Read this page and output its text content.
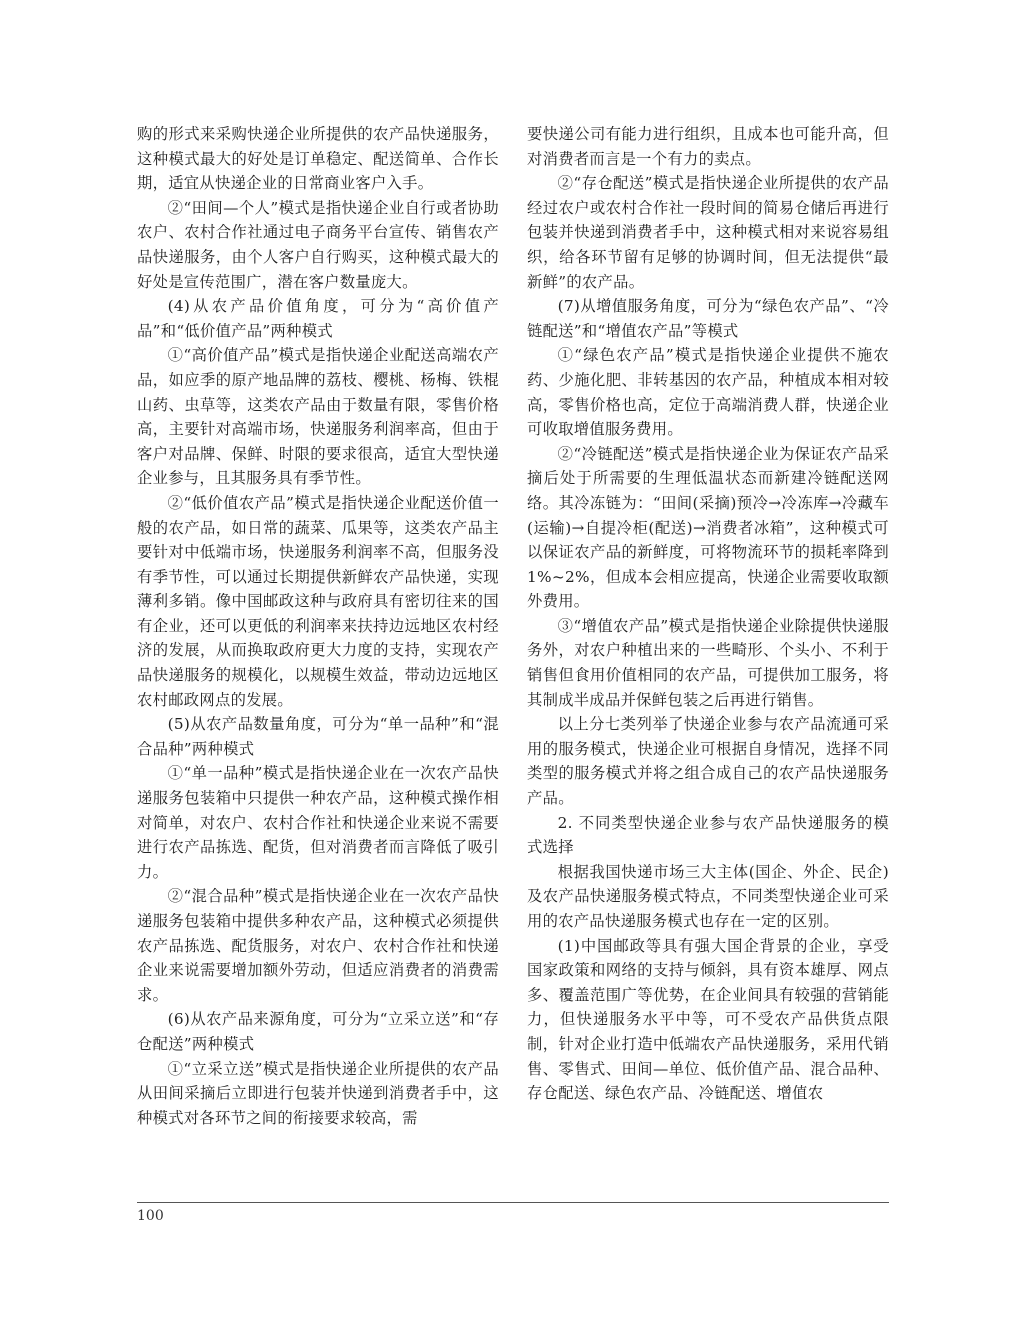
购的形式来采购快递企业所提供的农产品快递服务，这种模式最大的好处是订单稳定、配送简单、合作长期，适宜从快递企业的日常商业客户入手。

②“田间—个人”模式是指快递企业自行或者协助农户、农村合作社通过电子商务平台宣传、销售农产品快递服务，由个人客户自行购买，这种模式最大的好处是宣传范围广，潜在客户数量庞大。

(4)从农产品价值角度，可分为“高价值产品”和“低价值产品”两种模式

①“高价值产品”模式是指快递企业配送高端农产品，如应季的原产地品牌的荔枝、樱桃、杨梅、铁棍山药、虫草等，这类农产品由于数量有限，零售价格高，主要针对高端市场，快递服务利润率高，但由于客户对品牌、保鲜、时限的要求很高，适宜大型快递企业参与，且其服务具有季节性。

②“低价值农产品”模式是指快递企业配送价值一般的农产品，如日常的蔬菜、瓜果等，这类农产品主要针对中低端市场，快递服务利润率不高，但服务没有季节性，可以通过长期提供新鲜农产品快递，实现薄利多销。像中国邮政这种与政府具有密切往来的国有企业，还可以更低的利润率来扶持边远地区农村经济的发展，从而换取政府更大力度的支持，实现农产品快递服务的规模化，以规模生效益，带动边远地区农村邮政网点的发展。

(5)从农产品数量角度，可分为“单一品种”和“混合品种”两种模式

①“单一品种”模式是指快递企业在一次农产品快递服务包装箱中只提供一种农产品，这种模式操作相对简单，对农户、农村合作社和快递企业来说不需要进行农产品拣选、配货，但对消费者而言降低了吸引力。

②“混合品种”模式是指快递企业在一次农产品快递服务包装箱中提供多种农产品，这种模式必须提供农产品拣选、配货服务，对农户、农村合作社和快递企业来说需要增加额外劳动，但适应消费者的消费需求。

(6)从农产品来源角度，可分为“立采立送”和“存仓配送”两种模式

①“立采立送”模式是指快递企业所提供的农产品从田间采摘后立即进行包装并快递到消费者手中，这种模式对各环节之间的衔接要求较高，需

要快递公司有能力进行组织，且成本也可能升高，但对消费者而言是一个有力的卖点。

②“存仓配送”模式是指快递企业所提供的农产品经过农户或农村合作社一段时间的简易仓储后再进行包装并快递到消费者手中，这种模式相对来说容易组织，给各环节留有足够的协调时间，但无法提供“最新鲜”的农产品。

(7)从增值服务角度，可分为“绿色农产品”、“冷链配送”和“增值农产品”等模式

①“绿色农产品”模式是指快递企业提供不施农药、少施化肥、非转基因的农产品，种植成本相对较高，零售价格也高，定位于高端消费人群，快递企业可收取增值服务费用。

②“冷链配送”模式是指快递企业为保证农产品采摘后处于所需要的生理低温状态而新建冷链配送网络。其冷冻链为：“田间(采摘)预冷→冷冻库→冷藏车(运输)→自提冷柜(配送)→消费者冰箱”，这种模式可以保证农产品的新鲜度，可将物流环节的损耗率降到1%~2%，但成本会相应提高，快递企业需要收取额外费用。

③“增值农产品”模式是指快递企业除提供快递服务外，对农户种植出来的一些畸形、个头小、不利于销售但食用价值相同的农产品，可提供加工服务，将其制成半成品并保鲜包装之后再进行销售。

以上分七类列举了快递企业参与农产品流通可采用的服务模式，快递企业可根据自身情况，选择不同类型的服务模式并将之组合成自己的农产品快递服务产品。

2. 不同类型快递企业参与农产品快递服务的模式选择

根据我国快递市场三大主体(国企、外企、民企)及农产品快递服务模式特点，不同类型快递企业可采用的农产品快递服务模式也存在一定的区别。

(1)中国邮政等具有强大国企背景的企业，享受国家政策和网络的支持与倾斜，具有资本雄厚、网点多、覆盖范围广等优势，在企业间具有较强的营销能力，但快递服务水平中等，可不受农产品供货点限制，针对企业打造中低端农产品快递服务，采用代销售、零售式、田间—单位、低价值产品、混合品种、存仓配送、绿色农产品、冷链配送、增值农

100
